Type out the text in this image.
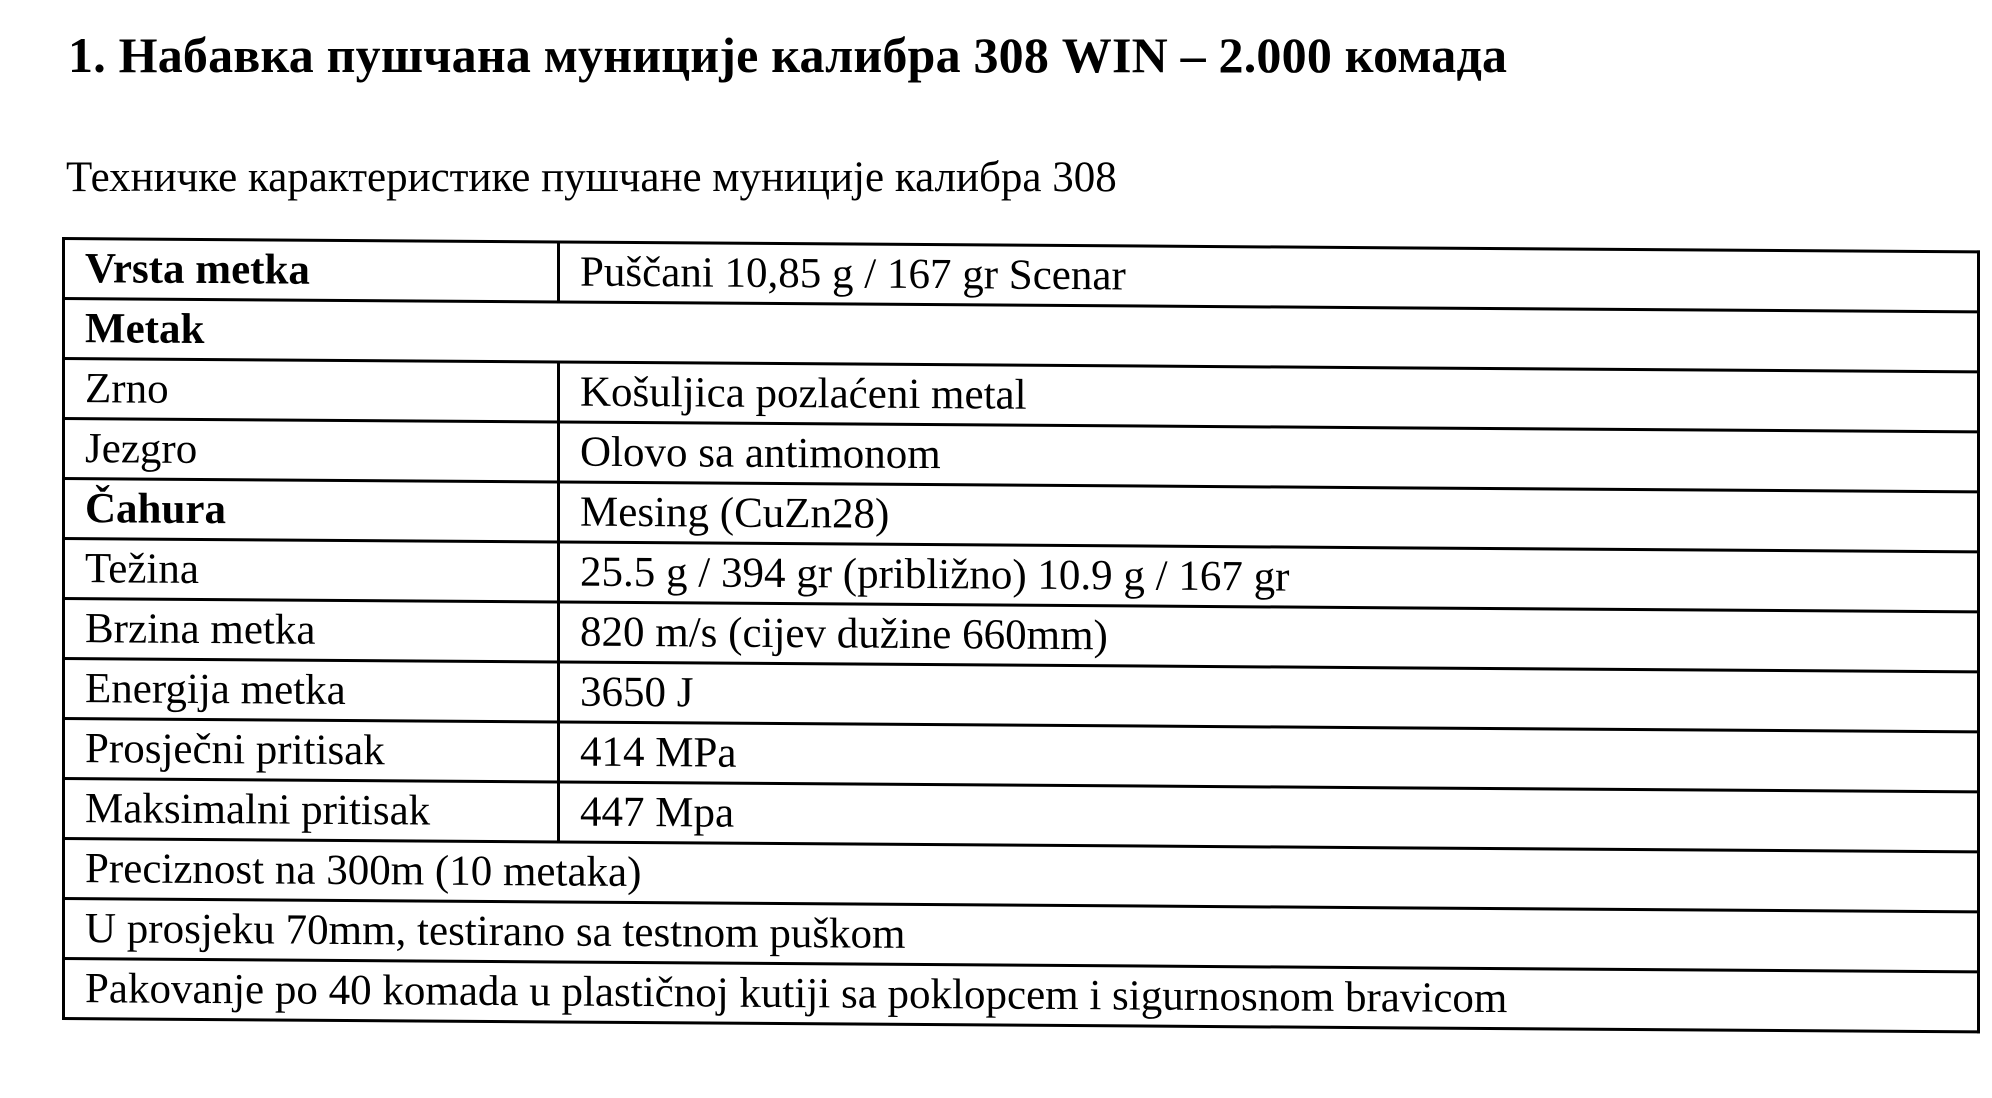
1. Набавка пушчана муниције калибра 308 WIN – 2.000 комада
Техничке карактеристике пушчане муниције калибра 308
Vrsta metka	Puščani 10,85 g / 167 gr Scenar
Metak	
Zrno	Košuljica pozlaćeni metal
Jezgro	Olovo sa antimonom
Čahura	Mesing (CuZn28)
Težina	25.5 g / 394 gr (približno) 10.9 g / 167 gr
Brzina metka	820 m/s (cijev dužine 660mm)
Energija metka	3650 J
Prosječni pritisak	414 MPa
Maksimalni pritisak	447 Mpa
Preciznost na 300m (10 metaka)	
U prosjeku 70mm, testirano sa testnom puškom	
Pakovanje po 40 komada u plastičnoj kutiji sa poklopcem i sigurnosnom bravicom	
